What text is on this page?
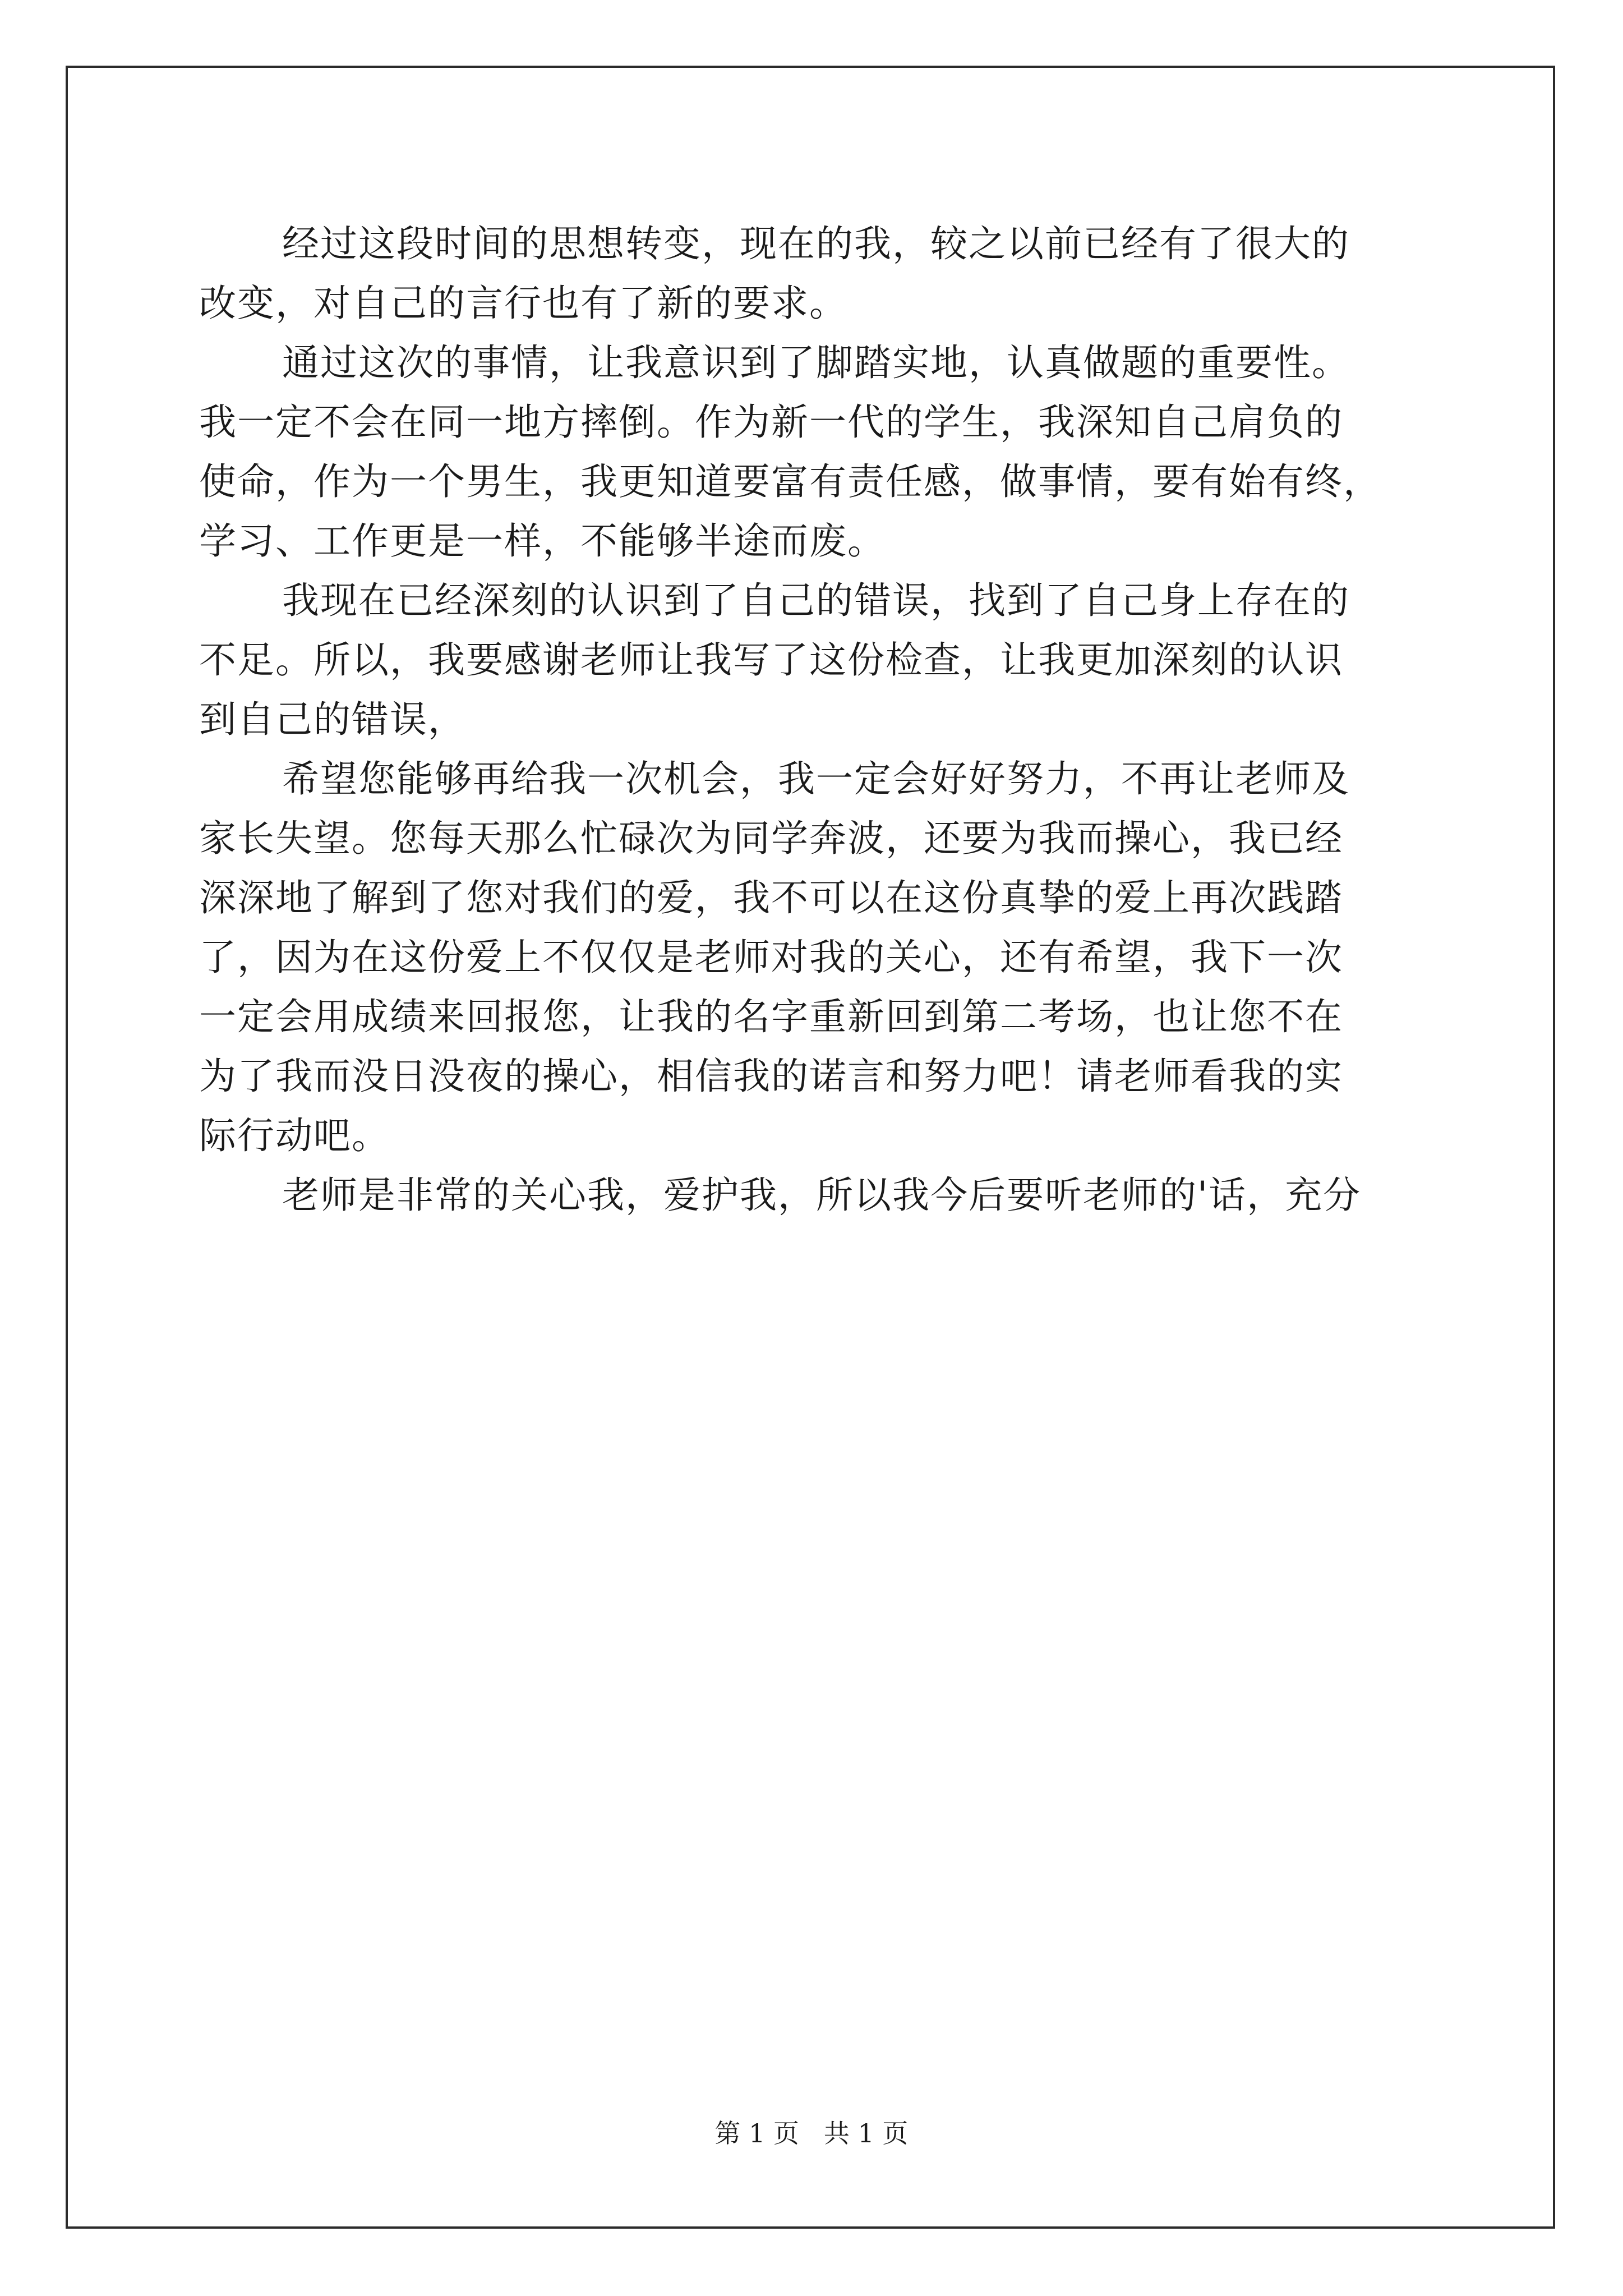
经过这段时间的思想转变，现在的我，较之以前已经有了很大的
改变，对自己的言行也有了新的要求。
通过这次的事情，让我意识到了脚踏实地，认真做题的重要性。
我一定不会在同一地方摔倒。作为新一代的学生，我深知自己肩负的
使命，作为一个男生，我更知道要富有责任感，做事情，要有始有终，
学习、工作更是一样，不能够半途而废。
我现在已经深刻的认识到了自己的错误，找到了自己身上存在的
不足。所以，我要感谢老师让我写了这份检查，让我更加深刻的认识
到自己的错误，
希望您能够再给我一次机会，我一定会好好努力，不再让老师及
家长失望。您每天那么忙碌次为同学奔波，还要为我而操心，我已经
深深地了解到了您对我们的爱，我不可以在这份真挚的爱上再次践踏
了，因为在这份爱上不仅仅是老师对我的关心，还有希望，我下一次
一定会用成绩来回报您，让我的名字重新回到第二考场，也让您不在
为了我而没日没夜的操心，相信我的诺言和努力吧！请老师看我的实
际行动吧。
老师是非常的关心我，爱护我，所以我今后要听老师的'话，充分
第 1 页   共 1 页
